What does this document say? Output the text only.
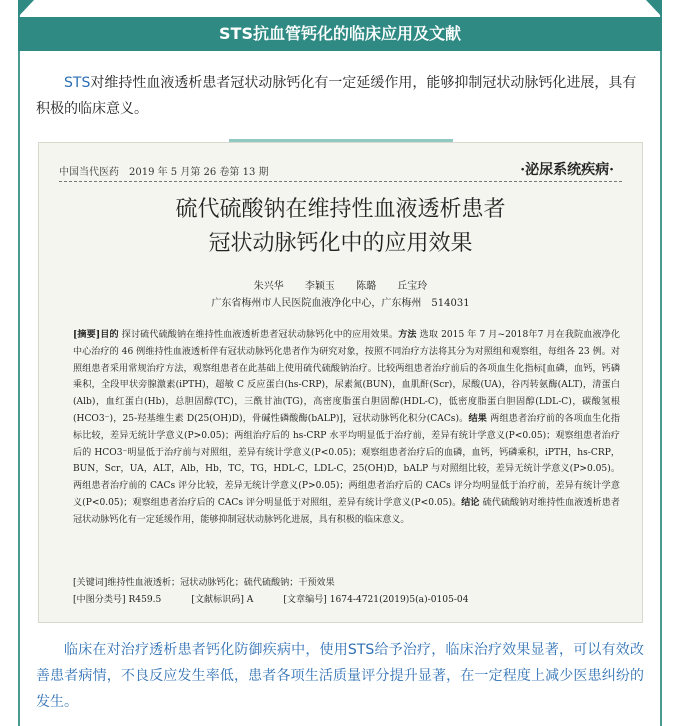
STS抗血管钙化的临床应用及文献
STS对维持性血液透析患者冠状动脉钙化有一定延缓作用，能够抑制冠状动脉钙化进展，具有积极的临床意义。
中国当代医药　2019 年 5 月第 26 卷第 13 期	·泌尿系统疾病·
硫代硫酸钠在维持性血液透析患者
冠状动脉钙化中的应用效果
朱兴华 李颖玉 陈璐 丘宝玲
广东省梅州市人民医院血液净化中心，广东梅州　514031
[摘要]目的 探讨硫代硫酸钠在维持性血液透析患者冠状动脉钙化中的应用效果。方法 选取 2015 年 7 月~2018年7 月在我院血液净化中心治疗的 46 例维持性血液透析伴有冠状动脉钙化患者作为研究对象，按照不同治疗方法将其分为对照组和观察组，每组各 23 例。对照组患者采用常规治疗方法，观察组患者在此基础上使用硫代硫酸钠治疗。比较两组患者治疗前后的各项血生化指标[血磷，血钙，钙磷乘积，全段甲状旁腺激素(iPTH)，超敏 C 反应蛋白(hs-CRP)，尿素氮(BUN)，血肌酐(Scr)，尿酸(UA)，谷丙转氨酶(ALT)，清蛋白(Alb)，血红蛋白(Hb)，总胆固醇(TC)，三酰甘油(TG)，高密度脂蛋白胆固醇(HDL-C)，低密度脂蛋白胆固醇(LDL-C)，碳酸氢根(HCO3⁻)，25-羟基维生素 D(25(OH)D)，骨碱性磷酸酶(bALP)]，冠状动脉钙化积分(CACs)。结果 两组患者治疗前的各项血生化指标比较，差异无统计学意义(P>0.05)；两组治疗后的 hs-CRP 水平均明显低于治疗前，差异有统计学意义(P<0.05)；观察组患者治疗后的 HCO3⁻明显低于治疗前与对照组，差异有统计学意义(P<0.05)；观察组患者治疗后的血磷，血钙，钙磷乘积，iPTH，hs-CRP，BUN，Scr，UA，ALT，Alb，Hb，TC，TG，HDL-C，LDL-C，25(OH)D，bALP 与对照组比较，差异无统计学意义(P>0.05)。两组患者治疗前的 CACs 评分比较，差异无统计学意义(P>0.05)；两组患者治疗后的 CACs 评分均明显低于治疗前，差异有统计学意义(P<0.05)；观察组患者治疗后的 CACs 评分明显低于对照组，差异有统计学意义(P<0.05)。结论 硫代硫酸钠对维持性血液透析患者冠状动脉钙化有一定延缓作用，能够抑制冠状动脉钙化进展，具有积极的临床意义。
[关键词]维持性血液透析；冠状动脉钙化；硫代硫酸钠；干预效果
[中图分类号] R459.5	[文献标识码] A	[文章编号] 1674-4721(2019)5(a)-0105-04
临床在对治疗透析患者钙化防御疾病中，使用STS给予治疗，临床治疗效果显著，可以有效改善患者病情，不良反应发生率低，患者各项生活质量评分提升显著，在一定程度上减少医患纠纷的发生。
